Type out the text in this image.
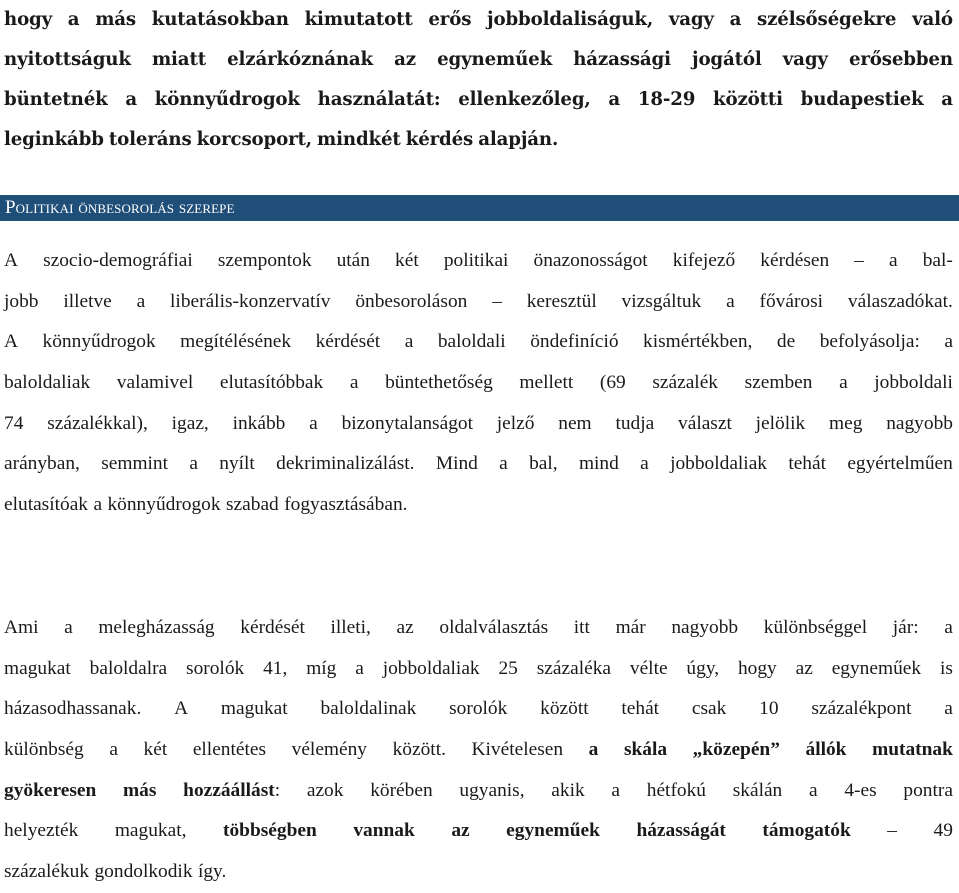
hogy a más kutatásokban kimutatott erős jobboldaliságuk, vagy a szélsőségekre való
nyitottságuk miatt elzárkóznának az egyneműek házassági jogától vagy erősebben
büntetnék a könnyűdrogok használatát: ellenkezőleg, a 18-29 közötti budapestiek a
leginkább toleráns korcsoport, mindkét kérdés alapján.
Politikai önbesorolás szerepe
A szocio-demográfiai szempontok után két politikai önazonosságot kifejező kérdésen – a bal-
jobb illetve a liberális-konzervatív önbesoroláson – keresztül vizsgáltuk a fővárosi válaszadókat.
A könnyűdrogok megítélésének kérdését a baloldali öndefiníció kismértékben, de befolyásolja: a
baloldaliak valamivel elutasítóbbak a büntethetőség mellett (69 százalék szemben a jobboldali
74 százalékkal), igaz, inkább a bizonytalanságot jelző nem tudja választ jelölik meg nagyobb
arányban, semmint a nyílt dekriminalizálást. Mind a bal, mind a jobboldaliak tehát egyértelműen
elutasítóak a könnyűdrogok szabad fogyasztásában.
Ami a melegházasság kérdését illeti, az oldalválasztás itt már nagyobb különbséggel jár: a
magukat baloldalra sorolók 41, míg a jobboldaliak 25 százaléka vélte úgy, hogy az egyneműek is
házasodhassanak. A magukat baloldalinak sorolók között tehát csak 10 százalékpont a
különbség a két ellentétes vélemény között. Kivételesen a skála „közepén” állók mutatnak
gyökeresen más hozzáállást: azok körében ugyanis, akik a hétfokú skálán a 4-es pontra
helyezték magukat, többségben vannak az egyneműek házasságát támogatók – 49
százalékuk gondolkodik így.
